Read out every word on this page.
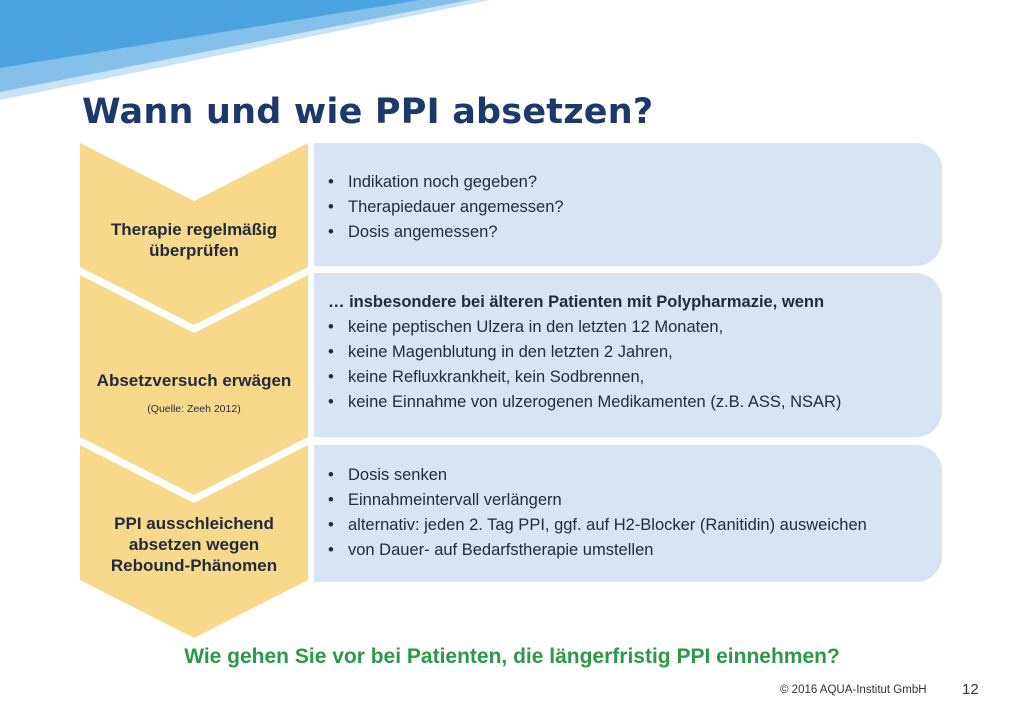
Wann und wie PPI absetzen?
Therapie regelmäßig
überprüfen
Absetzversuch erwägen
(Quelle: Zeeh 2012)
PPI ausschleichend
absetzen wegen
Rebound-Phänomen
• Indikation noch gegeben?
• Therapiedauer angemessen?
• Dosis angemessen?
… insbesondere bei älteren Patienten mit Polypharmazie, wenn
• keine peptischen Ulzera in den letzten 12 Monaten,
• keine Magenblutung in den letzten 2 Jahren,
• keine Refluxkrankheit, kein Sodbrennen,
• keine Einnahme von ulzerogenen Medikamenten (z.B. ASS, NSAR)
• Dosis senken
• Einnahmeintervall verlängern
• alternativ: jeden 2. Tag PPI, ggf. auf H2-Blocker (Ranitidin) ausweichen
• von Dauer- auf Bedarfstherapie umstellen
Wie gehen Sie vor bei Patienten, die längerfristig PPI einnehmen?
© 2016 AQUA-Institut GmbH 12
